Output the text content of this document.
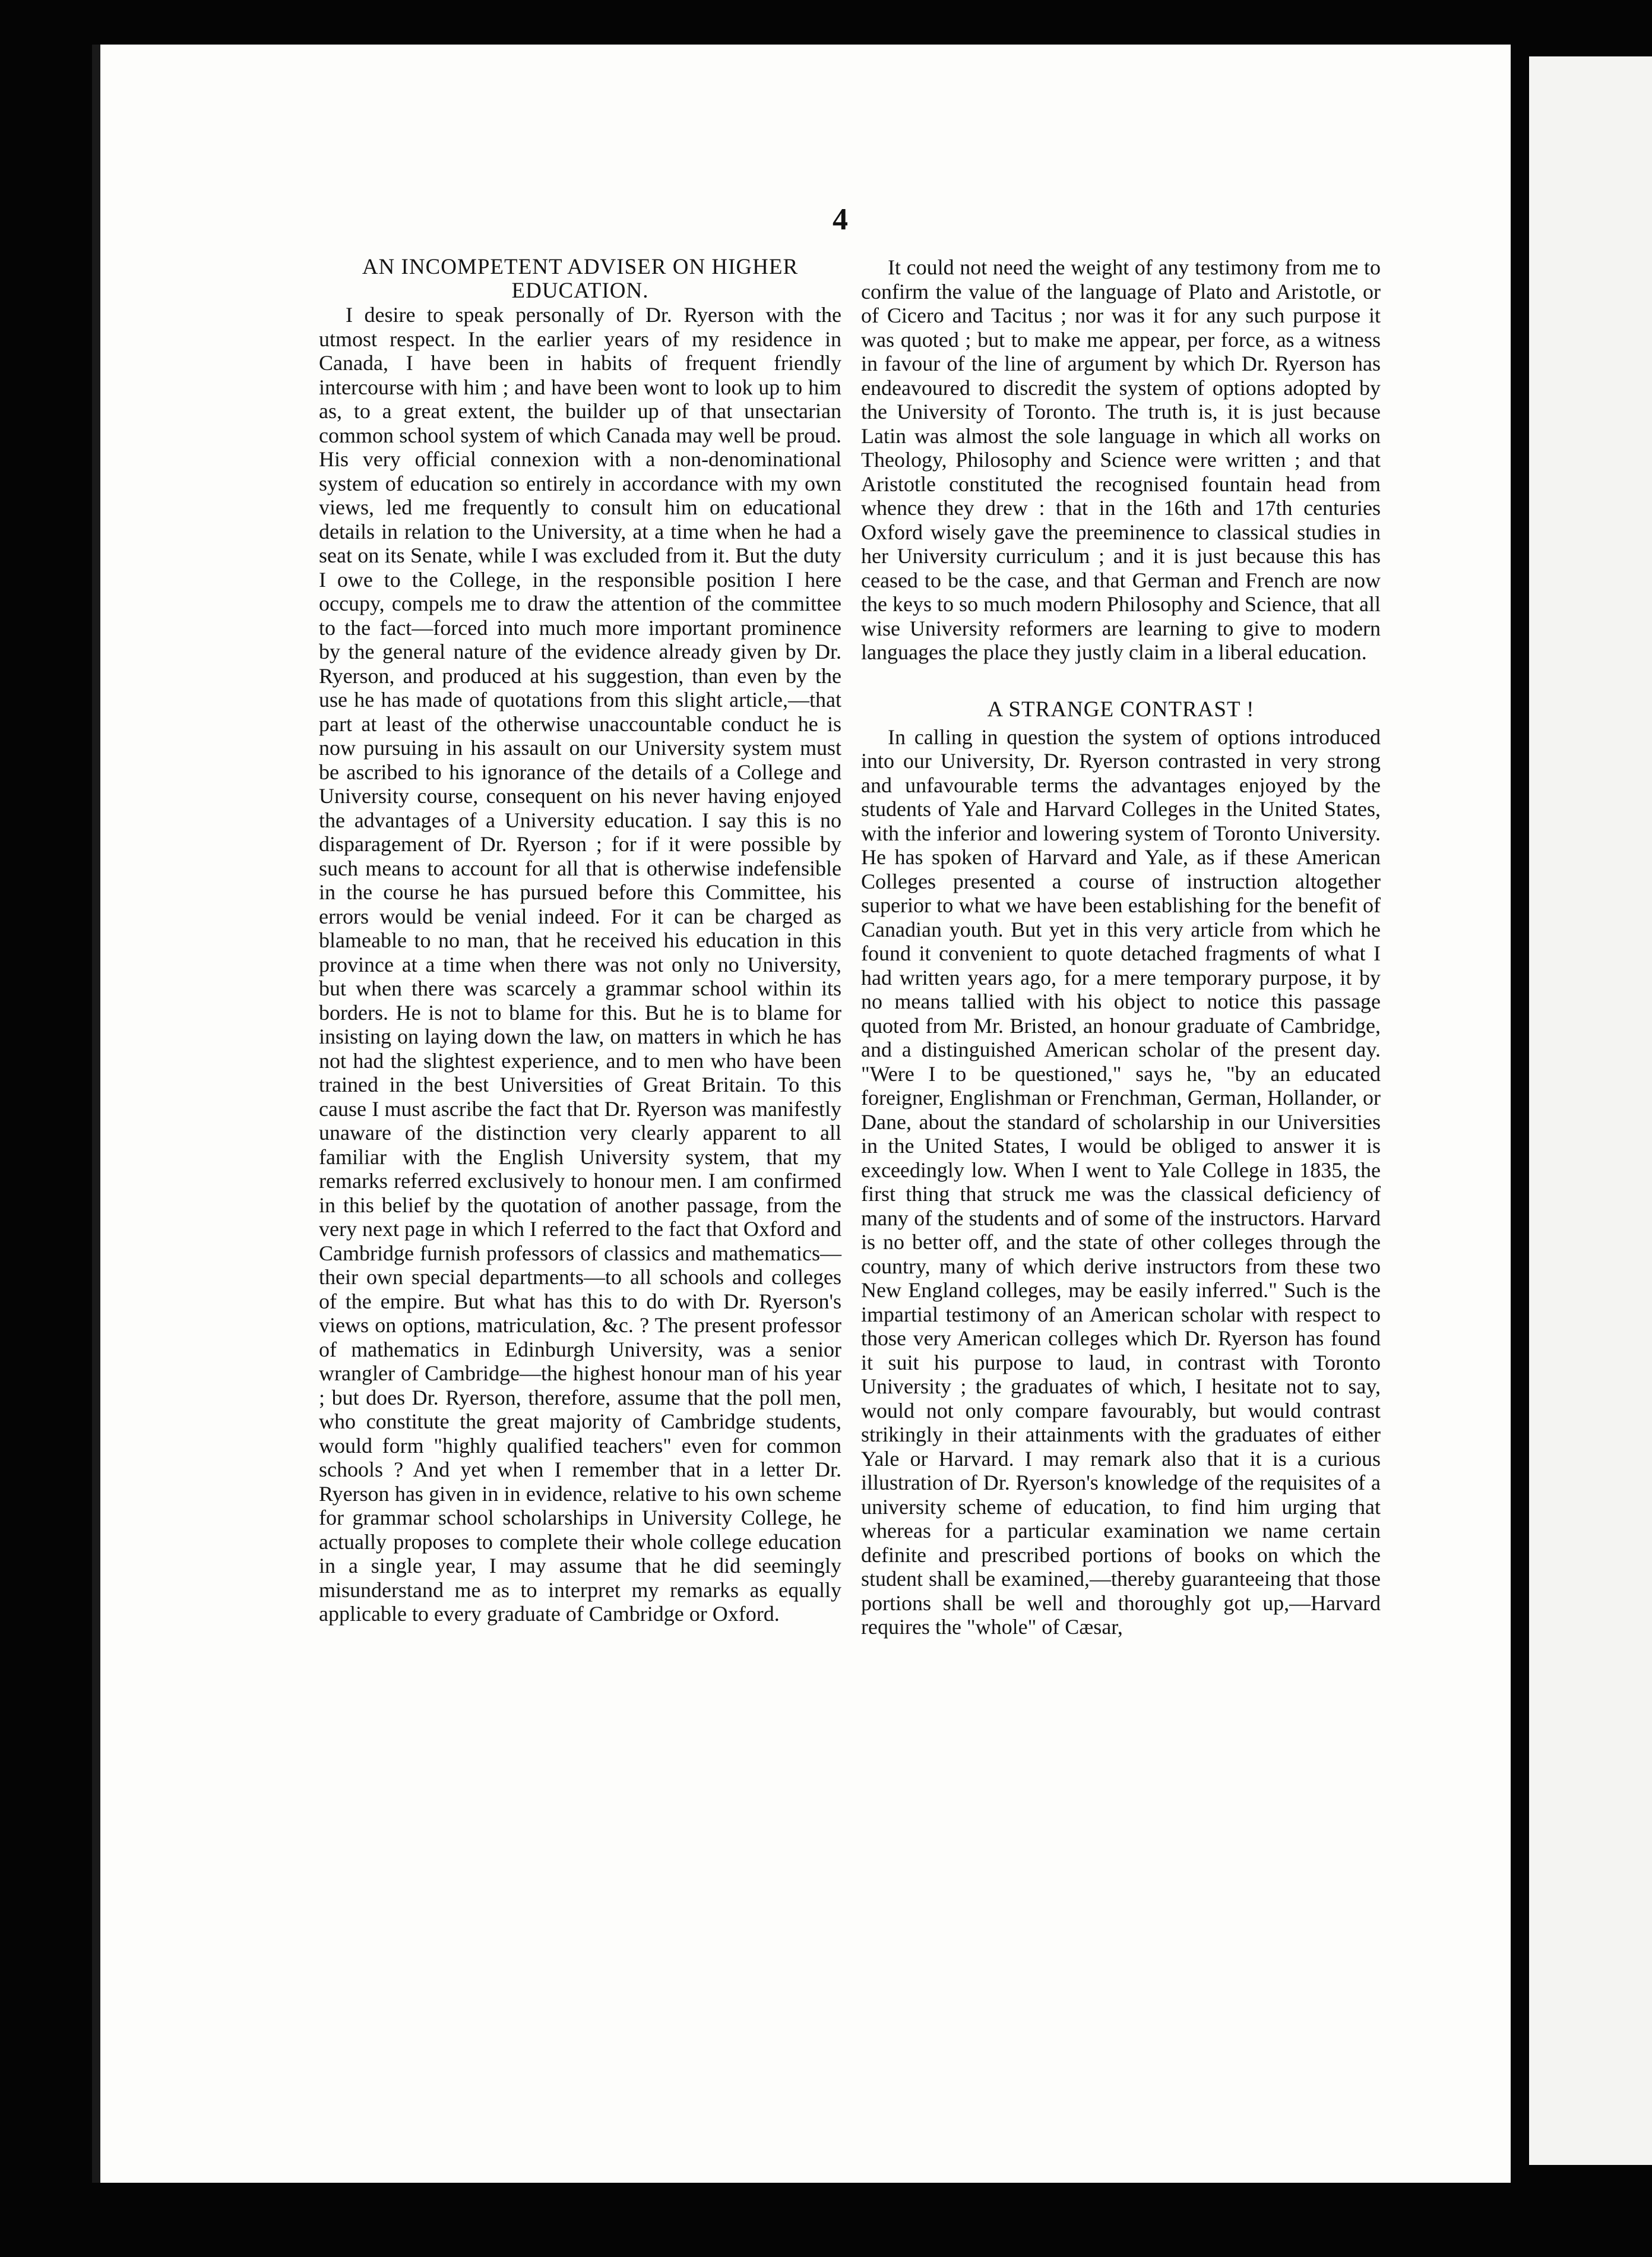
4
AN INCOMPETENT ADVISER ON HIGHER EDUCATION.

I desire to speak personally of Dr. Ryerson with the utmost respect. In the earlier years of my residence in Canada, I have been in habits of frequent friendly intercourse with him ; and have been wont to look up to him as, to a great extent, the builder up of that unsectarian common school system of which Canada may well be proud. His very official connexion with a non-denominational system of education so entirely in accordance with my own views, led me frequently to consult him on educational details in relation to the University, at a time when he had a seat on its Senate, while I was excluded from it. But the duty I owe to the College, in the responsible position I here occupy, compels me to draw the attention of the committee to the fact—forced into much more important prominence by the general nature of the evidence already given by Dr. Ryerson, and produced at his suggestion, than even by the use he has made of quotations from this slight article,—that part at least of the otherwise unaccountable conduct he is now pursuing in his assault on our University system must be ascribed to his ignorance of the details of a College and University course, consequent on his never having enjoyed the advantages of a University education. I say this is no disparagement of Dr. Ryerson ; for if it were possible by such means to account for all that is otherwise indefensible in the course he has pursued before this Committee, his errors would be venial indeed. For it can be charged as blameable to no man, that he received his education in this province at a time when there was not only no University, but when there was scarcely a grammar school within its borders. He is not to blame for this. But he is to blame for insisting on laying down the law, on matters in which he has not had the slightest experience, and to men who have been trained in the best Universities of Great Britain. To this cause I must ascribe the fact that Dr. Ryerson was manifestly unaware of the distinction very clearly apparent to all familiar with the English University system, that my remarks referred exclusively to honour men. I am confirmed in this belief by the quotation of another passage, from the very next page in which I referred to the fact that Oxford and Cambridge furnish professors of classics and mathematics—their own special departments—to all schools and colleges of the empire. But what has this to do with Dr. Ryerson's views on options, matriculation, &c. ? The present professor of mathematics in Edinburgh University, was a senior wrangler of Cambridge—the highest honour man of his year ; but does Dr. Ryerson, therefore, assume that the poll men, who constitute the great majority of Cambridge students, would form "highly qualified teachers" even for common schools ? And yet when I remember that in a letter Dr. Ryerson has given in in evidence, relative to his own scheme for grammar school scholarships in University College, he actually proposes to complete their whole college education in a single year, I may assume that he did seemingly misunderstand me as to interpret my remarks as equally applicable to every graduate of Cambridge or Oxford.

It could not need the weight of any testimony from me to confirm the value of the language of Plato and Aristotle, or of Cicero and Tacitus ; nor was it for any such purpose it was quoted ; but to make me appear, per force, as a witness in favour of the line of argument by which Dr. Ryerson has endeavoured to discredit the system of options adopted by the University of Toronto. The truth is, it is just because Latin was almost the sole language in which all works on Theology, Philosophy and Science were written ; and that Aristotle constituted the recognised fountain head from whence they drew : that in the 16th and 17th centuries Oxford wisely gave the preeminence to classical studies in her University curriculum ; and it is just because this has ceased to be the case, and that German and French are now the keys to so much modern Philosophy and Science, that all wise University reformers are learning to give to modern languages the place they justly claim in a liberal education.

A STRANGE CONTRAST !

In calling in question the system of options introduced into our University, Dr. Ryerson contrasted in very strong and unfavourable terms the advantages enjoyed by the students of Yale and Harvard Colleges in the United States, with the inferior and lowering system of Toronto University. He has spoken of Harvard and Yale, as if these American Colleges presented a course of instruction altogether superior to what we have been establishing for the benefit of Canadian youth. But yet in this very article from which he found it convenient to quote detached fragments of what I had written years ago, for a mere temporary purpose, it by no means tallied with his object to notice this passage quoted from Mr. Bristed, an honour graduate of Cambridge, and a distinguished American scholar of the present day. "Were I to be questioned," says he, "by an educated foreigner, Englishman or Frenchman, German, Hollander, or Dane, about the standard of scholarship in our Universities in the United States, I would be obliged to answer it is exceedingly low. When I went to Yale College in 1835, the first thing that struck me was the classical deficiency of many of the students and of some of the instructors. Harvard is no better off, and the state of other colleges through the country, many of which derive instructors from these two New England colleges, may be easily inferred." Such is the impartial testimony of an American scholar with respect to those very American colleges which Dr. Ryerson has found it suit his purpose to laud, in contrast with Toronto University ; the graduates of which, I hesitate not to say, would not only compare favourably, but would contrast strikingly in their attainments with the graduates of either Yale or Harvard. I may remark also that it is a curious illustration of Dr. Ryerson's knowledge of the requisites of a university scheme of education, to find him urging that whereas for a particular examination we name certain definite and prescribed portions of books on which the student shall be examined,—thereby guaranteeing that those portions shall be well and thoroughly got up,—Harvard requires the "whole" of Cæsar,
